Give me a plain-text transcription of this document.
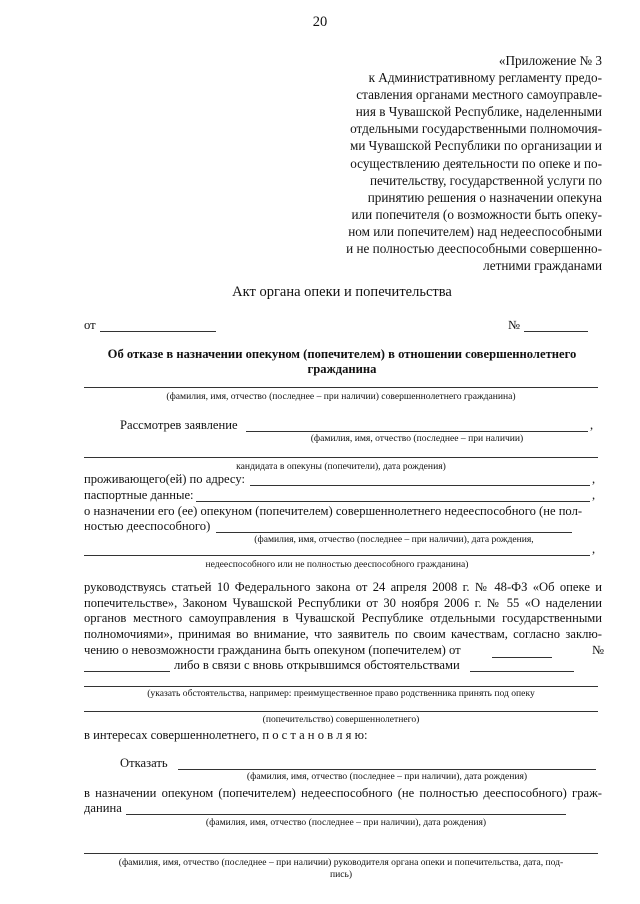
20
«Приложение № 3
к Административному регламенту предо-
ставления органами местного самоуправле-
ния в Чувашской Республике, наделенными
отдельными государственными полномочия-
ми Чувашской Республики по организации и
осуществлению деятельности по опеке и по-
печительству, государственной услуги по
принятию решения о назначении опекуна
или попечителя (о возможности быть опеку-
ном или попечителем) над недееспособными
и не полностью дееспособными совершенно-
летними гражданами
Акт органа опеки и попечительства
от	№
Об отказе в назначении опекуном (попечителем) в отношении совершеннолетнего
гражданина
(фамилия, имя, отчество (последнее – при наличии) совершеннолетнего гражданина)
Рассмотрев заявление	,
(фамилия, имя, отчество (последнее – при наличии)
кандидата в опекуны (попечители), дата рождения)
проживающего(ей) по адресу:	,
паспортные данные:	,
о назначении его (ее) опекуном (попечителем) совершеннолетнего недееспособного (не пол-
ностью дееспособного)
(фамилия, имя, отчество (последнее – при наличии), дата рождения,
,
недееспособного или не полностью дееспособного гражданина)
руководствуясь статьей 10 Федерального закона от 24 апреля 2008 г. № 48-ФЗ «Об опеке и
попечительстве», Законом Чувашской Республики от 30 ноября 2006 г. № 55 «О наделении
органов местного самоуправления в Чувашской Республике отдельными государственными
полномочиями», принимая во внимание, что заявитель по своим качествам, согласно заклю-
чению о невозможности гражданина быть опекуном (попечителем) от	№
либо в связи с вновь открывшимся обстоятельствами
(указать обстоятельства, например: преимущественное право родственника принять под опеку
(попечительство) совершеннолетнего)
в интересах совершеннолетнего, п о с т а н о в л я ю:
Отказать
(фамилия, имя, отчество (последнее – при наличии), дата рождения)
в назначении опекуном (попечителем) недееспособного (не полностью дееспособного) граж-
данина
(фамилия, имя, отчество (последнее – при наличии), дата рождения)
(фамилия, имя, отчество (последнее – при наличии) руководителя органа опеки и попечительства, дата, под-
пись)
